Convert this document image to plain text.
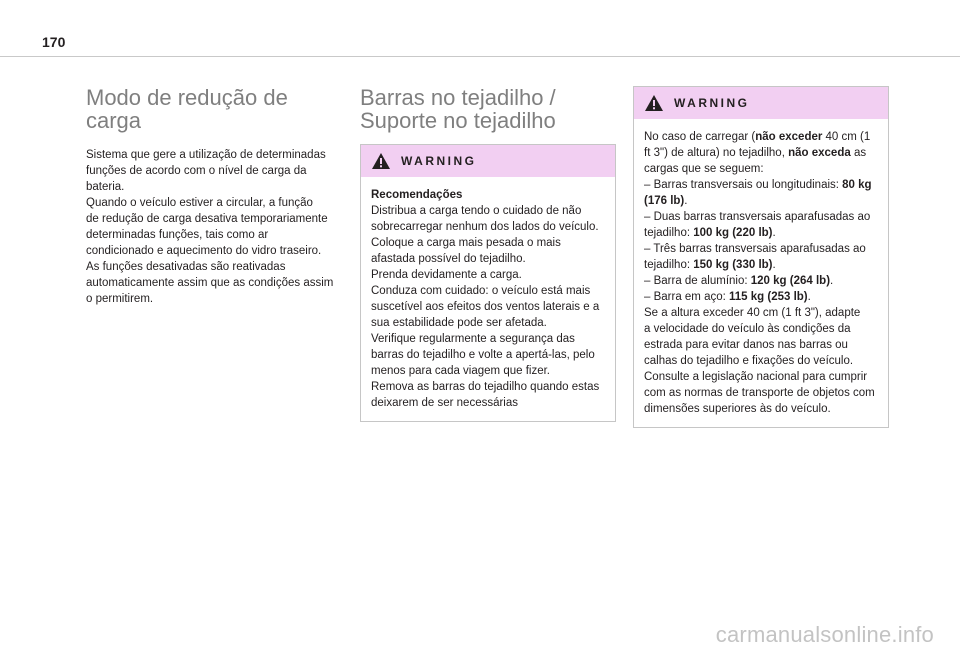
170
Modo de redução de
carga
Sistema que gere a utilização de determinadas
funções de acordo com o nível de carga da
bateria.
Quando o veículo estiver a circular, a função
de redução de carga desativa temporariamente
determinadas funções, tais como ar
condicionado e aquecimento do vidro traseiro.
As funções desativadas são reativadas
automaticamente assim que as condições assim
o permitirem.
Barras no tejadilho /
Suporte no tejadilho
WARNING
Recomendações
Distribua a carga tendo o cuidado de não
sobrecarregar nenhum dos lados do veículo.
Coloque a carga mais pesada o mais
afastada possível do tejadilho.
Prenda devidamente a carga.
Conduza com cuidado: o veículo está mais
suscetível aos efeitos dos ventos laterais e a
sua estabilidade pode ser afetada.
Verifique regularmente a segurança das
barras do tejadilho e volte a apertá-las, pelo
menos para cada viagem que fizer.
Remova as barras do tejadilho quando estas
deixarem de ser necessárias
WARNING
No caso de carregar (não exceder 40 cm (1
ft 3") de altura) no tejadilho, não exceda as
cargas que se seguem:
– Barras transversais ou longitudinais: 80 kg
(176 lb).
– Duas barras transversais aparafusadas ao
tejadilho: 100 kg (220 lb).
– Três barras transversais aparafusadas ao
tejadilho: 150 kg (330 lb).
– Barra de alumínio: 120 kg (264 lb).
– Barra em aço: 115 kg (253 lb).
Se a altura exceder 40 cm (1 ft 3"), adapte
a velocidade do veículo às condições da
estrada para evitar danos nas barras ou
calhas do tejadilho e fixações do veículo.
Consulte a legislação nacional para cumprir
com as normas de transporte de objetos com
dimensões superiores às do veículo.
carmanualsonline.info
